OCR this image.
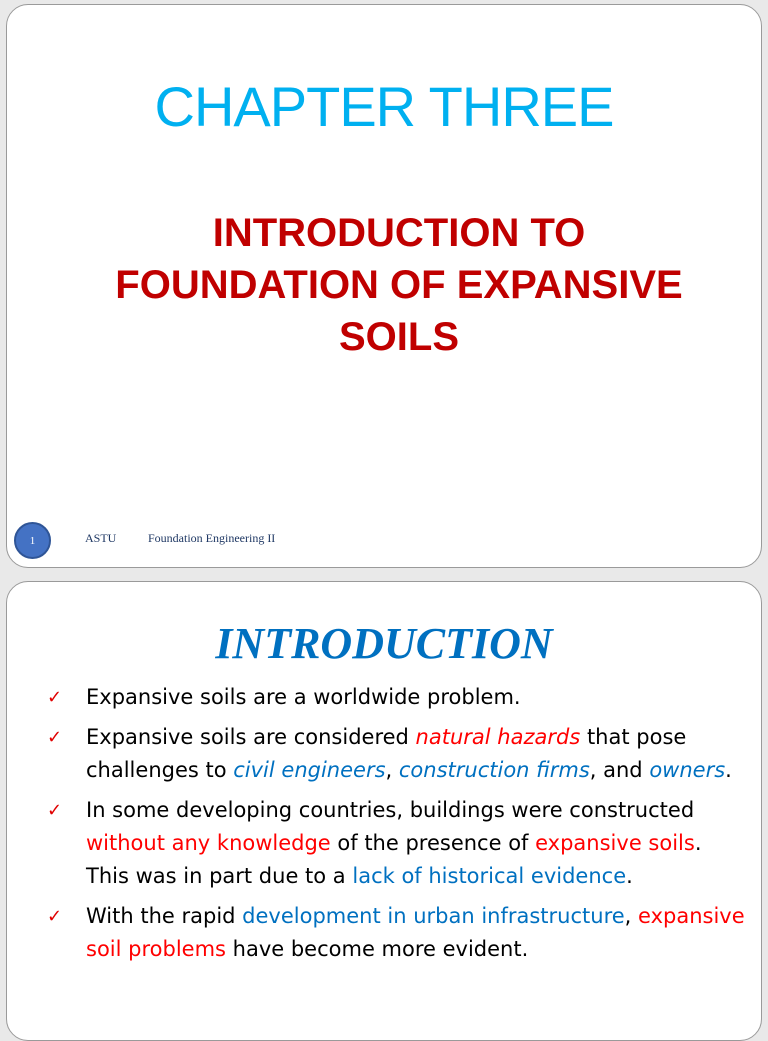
CHAPTER THREE
INTRODUCTION TO
FOUNDATION OF EXPANSIVE
SOILS
1	ASTU	Foundation Engineering II
INTRODUCTION
✓ Expansive soils are a worldwide problem.
✓ Expansive soils are considered natural hazards that pose challenges to civil engineers, construction firms, and owners.
✓ In some developing countries, buildings were constructed without any knowledge of the presence of expansive soils. This was in part due to a lack of historical evidence.
✓ With the rapid development in urban infrastructure, expansive soil problems have become more evident.
